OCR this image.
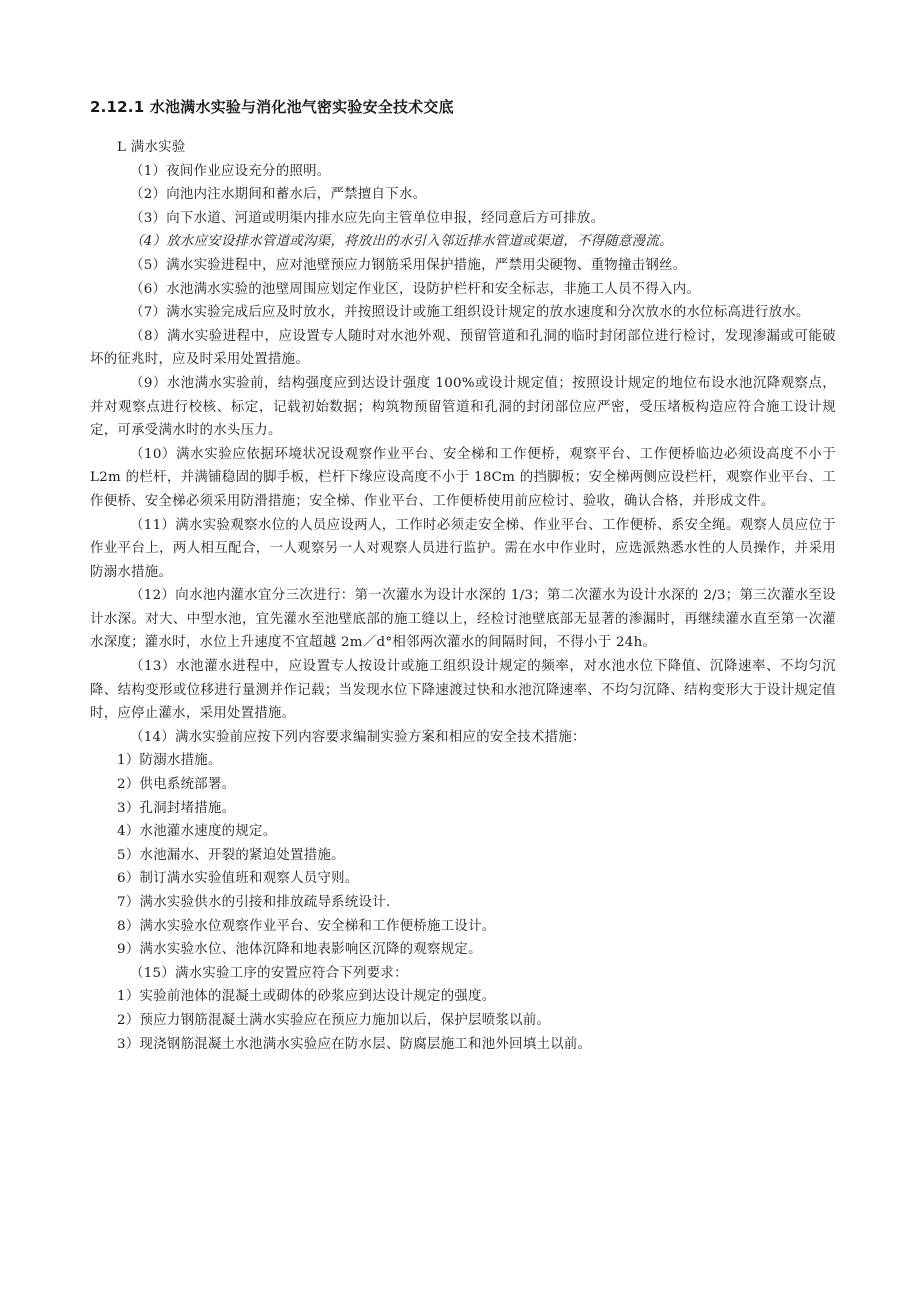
2.12.1 水池满水实验与消化池气密实验安全技术交底

L 满水实验

（1）夜间作业应设充分的照明。

（2）向池内注水期间和蓄水后，严禁擅自下水。

（3）向下水道、河道或明渠内排水应先向主管单位申报，经同意后方可排放。

（4）放水应安设排水管道或沟渠，将放出的水引入邻近排水管道或渠道，不得随意漫流。

（5）满水实验进程中，应对池壁预应力钢筋采用保护措施，严禁用尖硬物、重物撞击钢丝。

（6）水池满水实验的池壁周围应划定作业区，设防护栏杆和安全标志，非施工人员不得入内。

（7）满水实验完成后应及时放水，并按照设计或施工组织设计规定的放水速度和分次放水的水位标高进行放水。

（8）满水实验进程中，应设置专人随时对水池外观、预留管道和孔洞的临时封闭部位进行检讨，发现渗漏或可能破坏的征兆时，应及时采用处置措施。

（9）水池满水实验前，结构强度应到达设计强度 100%或设计规定值；按照设计规定的地位布设水池沉降观察点，并对观察点进行校核、标定，记载初始数据；构筑物预留管道和孔洞的封闭部位应严密，受压堵板构造应符合施工设计规定，可承受满水时的水头压力。

（10）满水实验应依据环境状况设观察作业平台、安全梯和工作便桥，观察平台、工作便桥临边必须设高度不小于 L2m 的栏杆，并满铺稳固的脚手板，栏杆下缘应设高度不小于 18Cm 的挡脚板；安全梯两侧应设栏杆，观察作业平台、工作便桥、安全梯必须采用防滑措施；安全梯、作业平台、工作便桥使用前应检讨、验收，确认合格，并形成文件。

（11）满水实验观察水位的人员应设两人，工作时必须走安全梯、作业平台、工作便桥、系安全绳。观察人员应位于作业平台上，两人相互配合，一人观察另一人对观察人员进行监护。需在水中作业时，应选派熟悉水性的人员操作，并采用防溺水措施。

（12）向水池内灌水宜分三次进行：第一次灌水为设计水深的 1/3；第二次灌水为设计水深的 2/3；第三次灌水至设计水深。对大、中型水池，宜先灌水至池壁底部的施工缝以上，经检讨池壁底部无显著的渗漏时，再继续灌水直至第一次灌水深度；灌水时，水位上升速度不宜超越 2m／d°相邻两次灌水的间隔时间，不得小于 24h。

（13）水池灌水进程中，应设置专人按设计或施工组织设计规定的频率，对水池水位下降值、沉降速率、不均匀沉降、结构变形或位移进行量测并作记载；当发现水位下降速渡过快和水池沉降速率、不均匀沉降、结构变形大于设计规定值时，应停止灌水，采用处置措施。

（14）满水实验前应按下列内容要求编制实验方案和相应的安全技术措施：

1）防溺水措施。

2）供电系统部署。

3）孔洞封堵措施。

4）水池灌水速度的规定。

5）水池漏水、开裂的紧迫处置措施。

6）制订满水实验值班和观察人员守则。

7）满水实验供水的引接和排放疏导系统设计.

8）满水实验水位观察作业平台、安全梯和工作便桥施工设计。

9）满水实验水位、池体沉降和地表影响区沉降的观察规定。

（15）满水实验工序的安置应符合下列要求：

1）实验前池体的混凝土或砌体的砂浆应到达设计规定的强度。

2）预应力钢筋混凝土满水实验应在预应力施加以后，保护层喷浆以前。

3）现浇钢筋混凝土水池满水实验应在防水层、防腐层施工和池外回填土以前。
